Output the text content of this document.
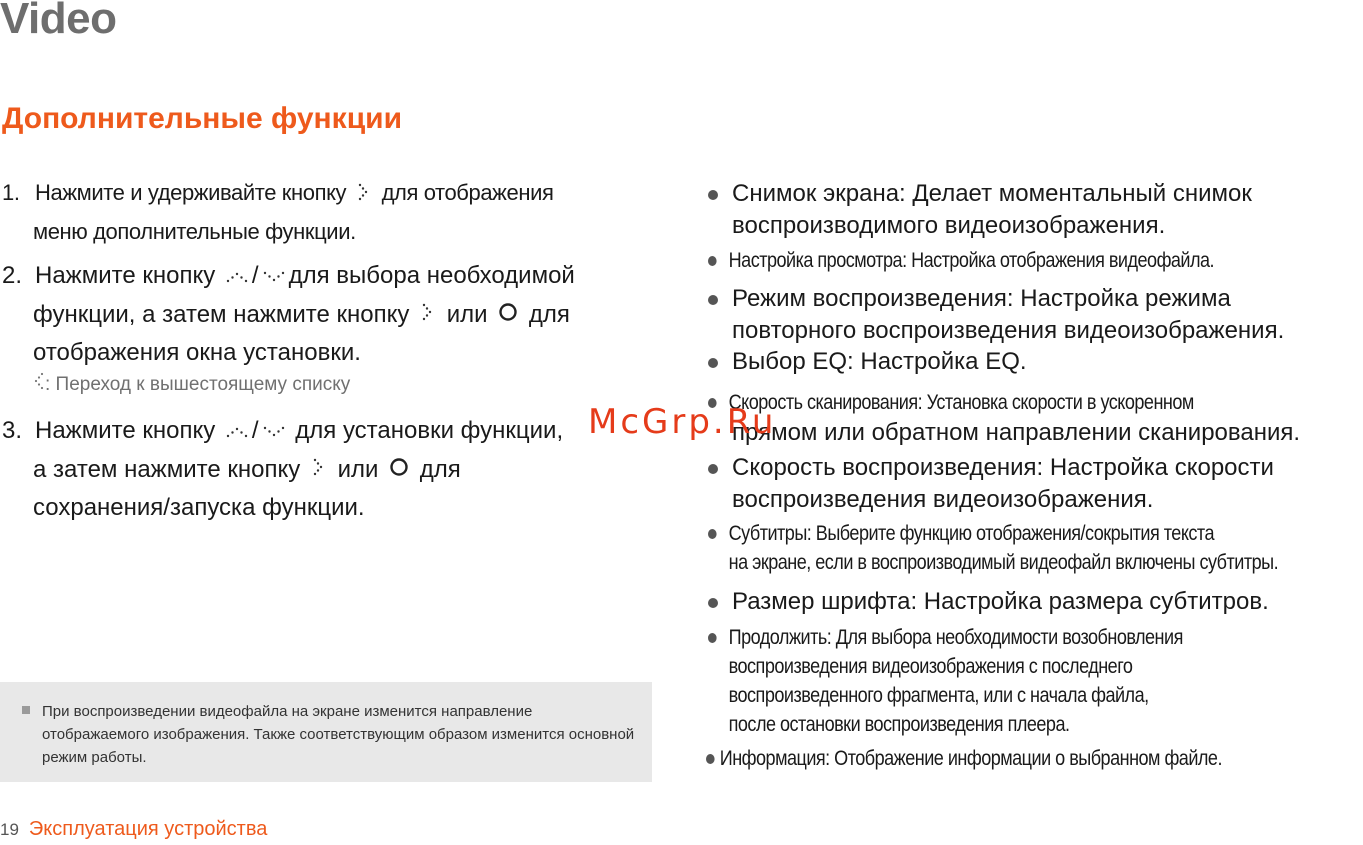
Video
Дополнительные функции
1. Нажмите и удерживайте кнопку для отображения
меню дополнительные функции.
2. Нажмите кнопку / для выбора необходимой
функции, а затем нажмите кнопку или для
отображения окна установки.
: Переход к вышестоящему списку
3. Нажмите кнопку / для установки функции,
а затем нажмите кнопку или для
сохранения/запуска функции.
При воспроизведении видеофайла на экране изменится направление отображаемого изображения. Также соответствующим образом изменится основной режим работы.
19 Эксплуатация устройства
Снимок экрана: Делает моментальный снимок
воспроизводимого видеоизображения.
Настройка просмотра: Настройка отображения видеофайла.
Режим воспроизведения: Настройка режима
повторного воспроизведения видеоизображения.
Выбор EQ: Настройка EQ.
Скорость сканирования: Установка скорости в ускоренном
прямом или обратном направлении сканирования.
Скорость воспроизведения: Настройка скорости
воспроизведения видеоизображения.
Субтитры: Выберите функцию отображения/сокрытия текста
на экране, если в воспроизводимый видеофайл включены субтитры.
Размер шрифта: Настройка размера субтитров.
Продолжить: Для выбора необходимости возобновления
воспроизведения видеоизображения с последнего
воспроизведенного фрагмента, или с начала файла,
после остановки воспроизведения плеера.
Информация: Отображение информации о выбранном файле.
McGrp.Ru
